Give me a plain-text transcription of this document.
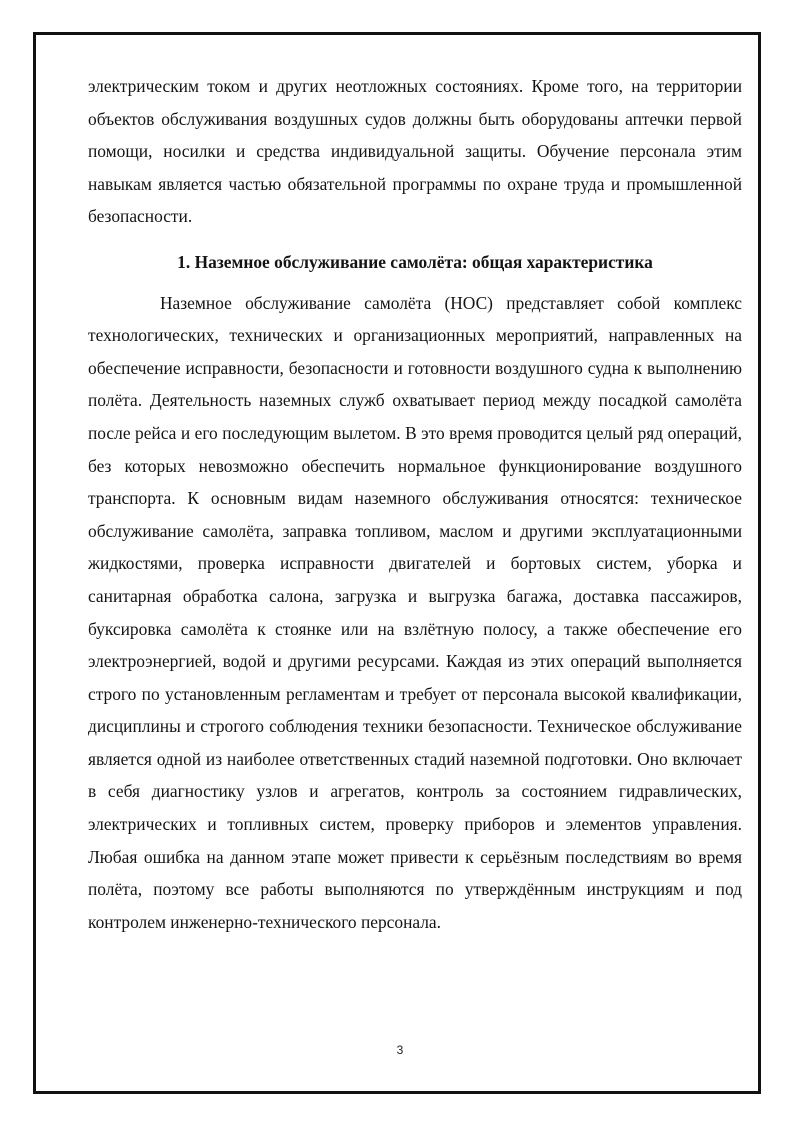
электрическим током и других неотложных состояниях. Кроме того, на территории объектов обслуживания воздушных судов должны быть оборудованы аптечки первой помощи, носилки и средства индивидуальной защиты. Обучение персонала этим навыкам является частью обязательной программы по охране труда и промышленной безопасности.

1. Наземное обслуживание самолёта: общая характеристика

Наземное обслуживание самолёта (НОС) представляет собой комплекс технологических, технических и организационных мероприятий, направленных на обеспечение исправности, безопасности и готовности воздушного судна к выполнению полёта. Деятельность наземных служб охватывает период между посадкой самолёта после рейса и его последующим вылетом. В это время проводится целый ряд операций, без которых невозможно обеспечить нормальное функционирование воздушного транспорта. К основным видам наземного обслуживания относятся: техническое обслуживание самолёта, заправка топливом, маслом и другими эксплуатационными жидкостями, проверка исправности двигателей и бортовых систем, уборка и санитарная обработка салона, загрузка и выгрузка багажа, доставка пассажиров, буксировка самолёта к стоянке или на взлётную полосу, а также обеспечение его электроэнергией, водой и другими ресурсами. Каждая из этих операций выполняется строго по установленным регламентам и требует от персонала высокой квалификации, дисциплины и строгого соблюдения техники безопасности. Техническое обслуживание является одной из наиболее ответственных стадий наземной подготовки. Оно включает в себя диагностику узлов и агрегатов, контроль за состоянием гидравлических, электрических и топливных систем, проверку приборов и элементов управления. Любая ошибка на данном этапе может привести к серьёзным последствиям во время полёта, поэтому все работы выполняются по утверждённым инструкциям и под контролем инженерно-технического персонала.

3
